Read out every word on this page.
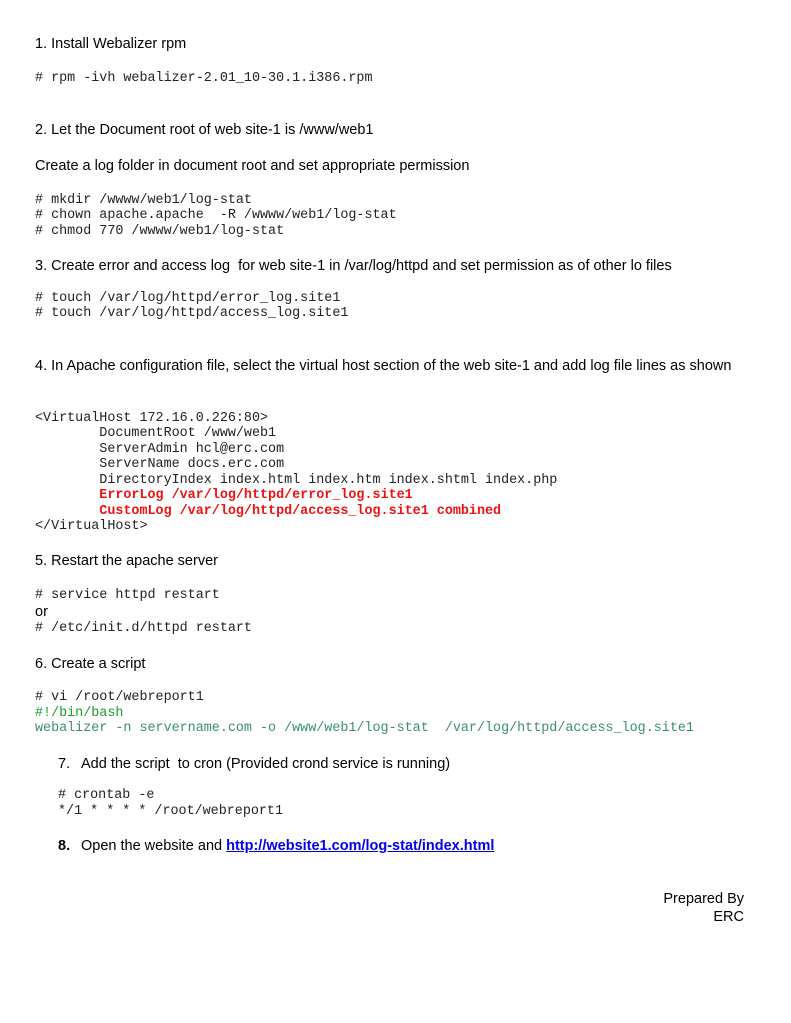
1. Install Webalizer rpm
# rpm -ivh webalizer-2.01_10-30.1.i386.rpm
2. Let the Document root of web site-1 is /www/web1
Create a log folder in document root and set appropriate permission
# mkdir /wwww/web1/log-stat
# chown apache.apache  -R /wwww/web1/log-stat
# chmod 770 /wwww/web1/log-stat
3. Create error and access log  for web site-1 in /var/log/httpd and set permission as of other lo files
# touch /var/log/httpd/error_log.site1
# touch /var/log/httpd/access_log.site1
4. In Apache configuration file, select the virtual host section of the web site-1 and add log file lines as shown
<VirtualHost 172.16.0.226:80>
DocumentRoot /www/web1
ServerAdmin hcl@erc.com
ServerName docs.erc.com
DirectoryIndex index.html index.htm index.shtml index.php
ErrorLog /var/log/httpd/error_log.site1
CustomLog /var/log/httpd/access_log.site1 combined
</VirtualHost>
5. Restart the apache server
# service httpd restart
or
# /etc/init.d/httpd restart
6. Create a script
# vi /root/webreport1
#!/bin/bash
webalizer -n servername.com -o /www/web1/log-stat  /var/log/httpd/access_log.site1
7. Add the script  to cron (Provided crond service is running)
# crontab -e
*/1 * * * * /root/webreport1
8. Open the website and http://website1.com/log-stat/index.html
Prepared By
ERC
